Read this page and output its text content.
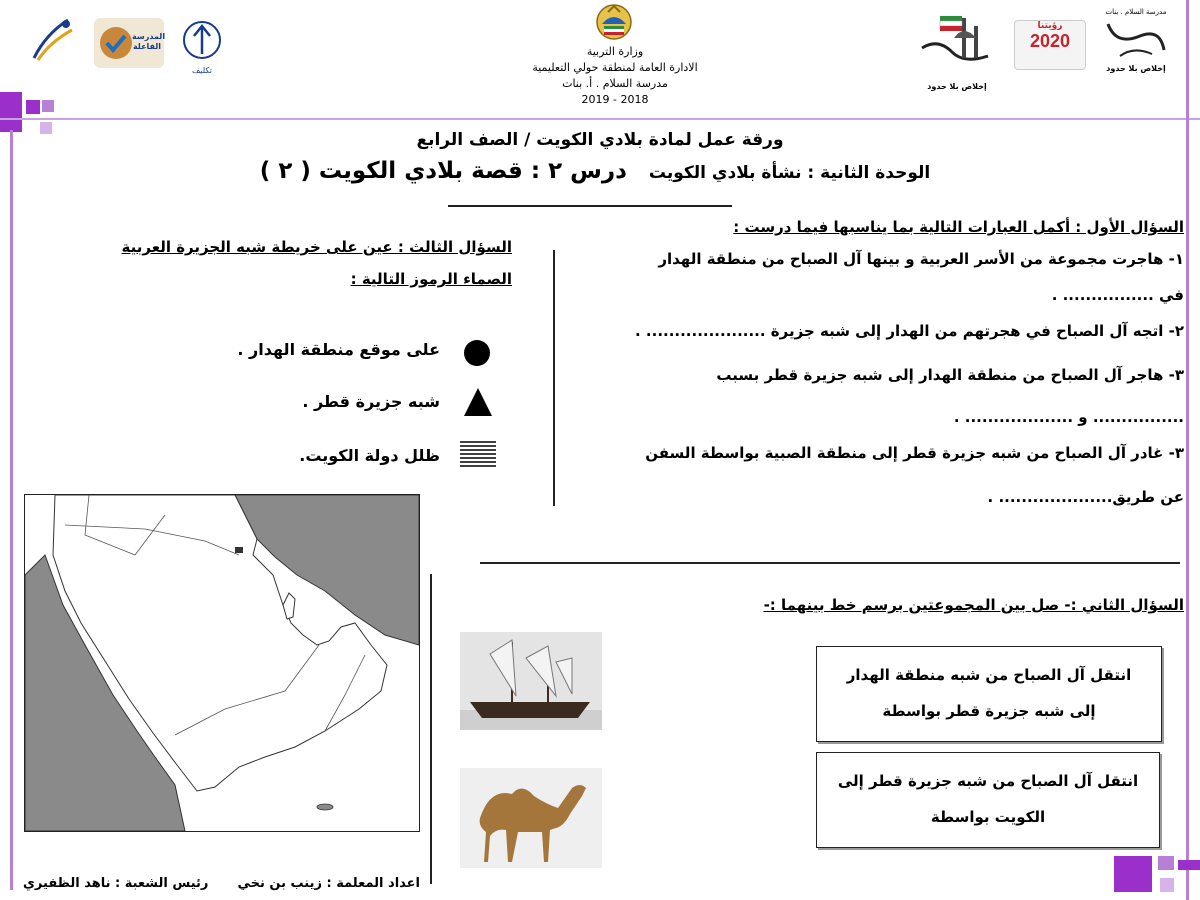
المدرسة الفاعلة
تكليف
وزارة التربية
الادارة العامة لمنطقة حولي التعليمية
مدرسة السلام . أ. بنات
2018 - 2019
إخلاص بلا حدود
رؤيتنا
2020
مدرسة السلام . بنات
إخلاص بلا حدود
ورقة عمل لمادة بلادي الكويت / الصف الرابع
الوحدة الثانية : نشأة بلادي الكويت درس ٢ : قصة بلادي الكويت ( ٢ )
السؤال الأول : أكمل العبارات التالية بما يناسبها فيما درست :
١- هاجرت مجموعة من الأسر العربية و بينها آل الصباح من منطقة الهدار
في ................ .
٢- اتجه آل الصباح في هجرتهم من الهدار إلى شبه جزيرة ..................... .
٣- هاجر آل الصباح من منطقة الهدار إلى شبه جزيرة قطر بسبب
................ و ................... .
٣- غادر آل الصباح من شبه جزيرة قطر إلى منطقة الصبية بواسطة السفن
عن طريق.................... .
السؤال الثالث : عين على خريطة شبه الجزيرة العربية
الصماء الرموز التالية :
على موقع منطقة الهدار .
شبه جزيرة قطر .
ظلل دولة الكويت.
السؤال الثاني :- صل بين المجموعتين برسم خط بينهما :-
انتقل آل الصباح من شبه منطقة الهدار
إلى شبه جزيرة قطر بواسطة
انتقل آل الصباح من شبه جزيرة قطر إلى
الكويت بواسطة
اعداد المعلمة : زينب بن نخي  رئيس الشعبة : ناهد الظفيري
